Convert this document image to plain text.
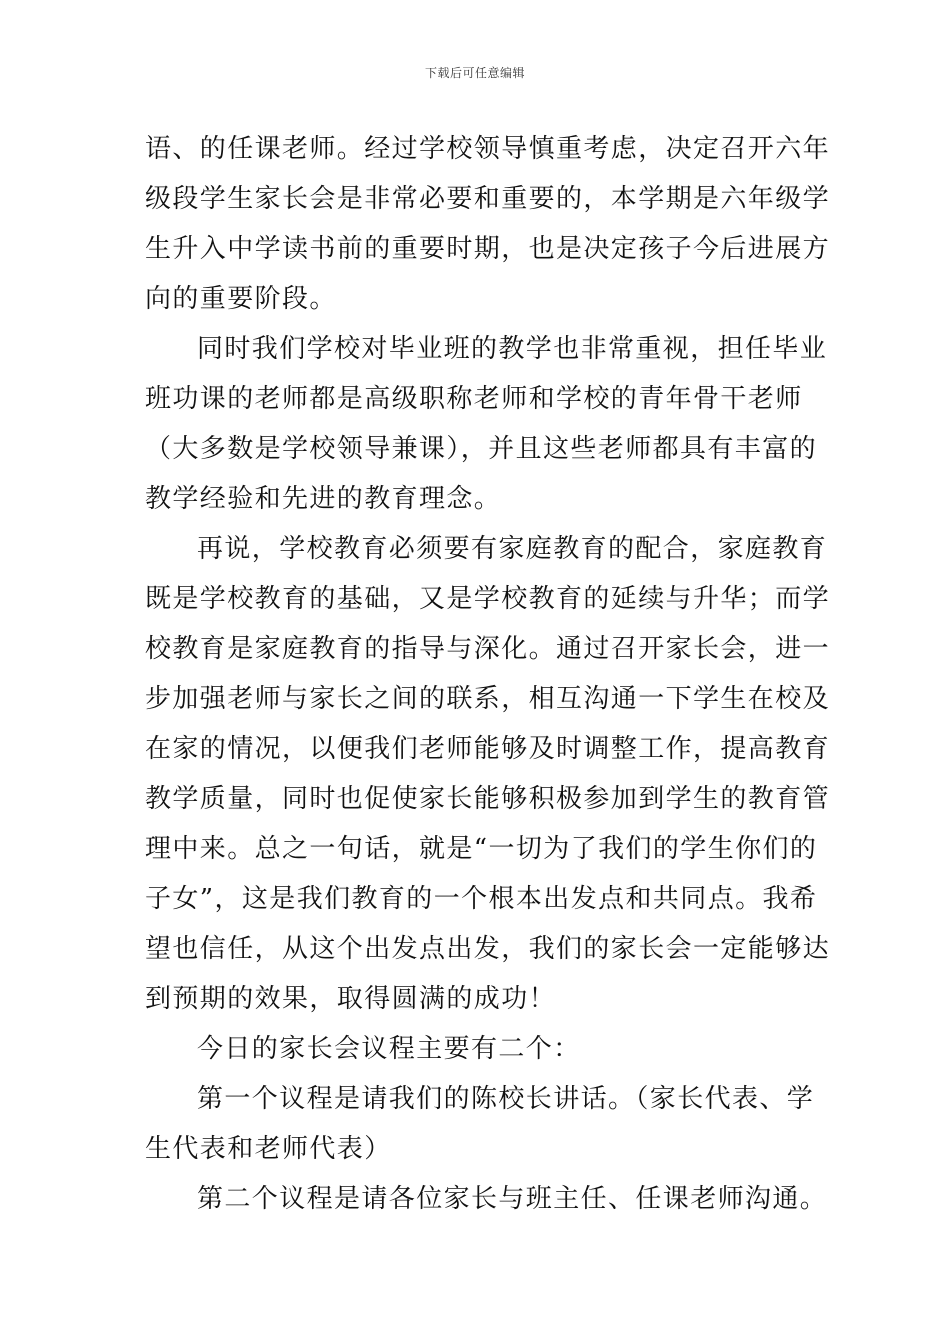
下载后可任意编辑
语、的任课老师。经过学校领导慎重考虑，决定召开六年
级段学生家长会是非常必要和重要的，本学期是六年级学
生升入中学读书前的重要时期，也是决定孩子今后进展方
向的重要阶段。
同时我们学校对毕业班的教学也非常重视，担任毕业
班功课的老师都是高级职称老师和学校的青年骨干老师
（大多数是学校领导兼课），并且这些老师都具有丰富的
教学经验和先进的教育理念。
再说，学校教育必须要有家庭教育的配合，家庭教育
既是学校教育的基础，又是学校教育的延续与升华；而学
校教育是家庭教育的指导与深化。通过召开家长会，进一
步加强老师与家长之间的联系，相互沟通一下学生在校及
在家的情况，以便我们老师能够及时调整工作，提高教育
教学质量，同时也促使家长能够积极参加到学生的教育管
理中来。总之一句话，就是“一切为了我们的学生你们的
子女”，这是我们教育的一个根本出发点和共同点。我希
望也信任，从这个出发点出发，我们的家长会一定能够达
到预期的效果，取得圆满的成功！
今日的家长会议程主要有二个：
第一个议程是请我们的陈校长讲话。（家长代表、学
生代表和老师代表）
第二个议程是请各位家长与班主任、任课老师沟通。
